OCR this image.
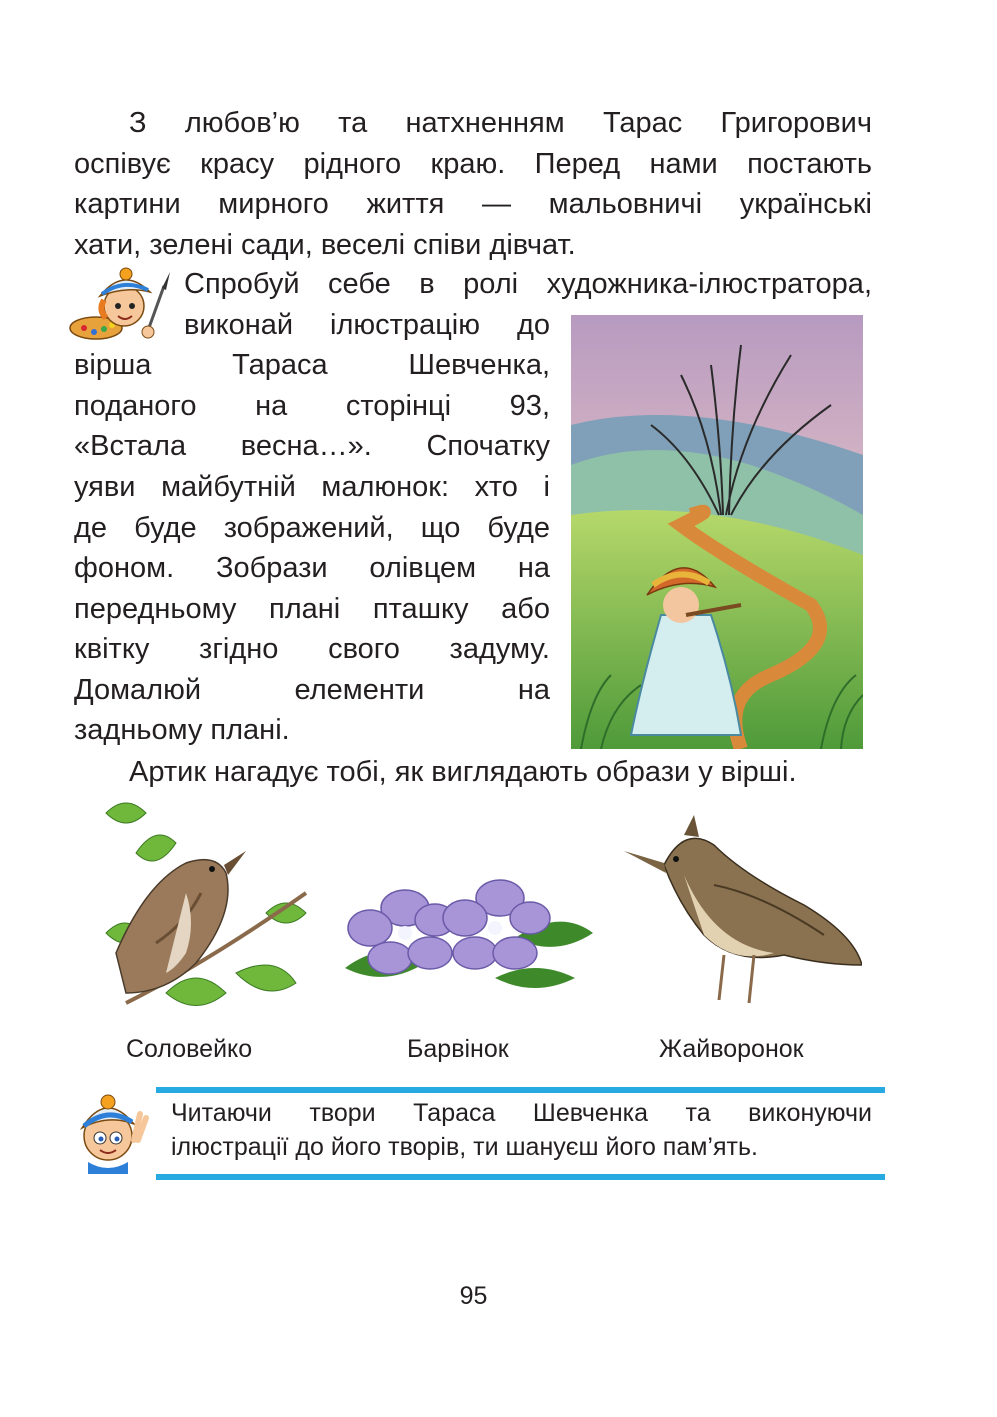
З любов’ю та натхненням Тарас Григорович
оспівує красу рідного краю. Перед нами постають
картини мирного життя — мальовничі українські
хати, зелені сади, веселі співи дівчат.
Спробуй себе в ролі художника-ілюстратора,
виконай ілюстрацію до
вірша Тараса Шевченка,
поданого на сторінці 93,
«Встала весна…». Спочатку
уяви майбутній малюнок: хто і
де буде зображений, що буде
фоном. Зобрази олівцем на
передньому плані пташку або
квітку згідно свого задуму.
Домалюй елементи на
задньому плані.
Артик нагадує тобі, як виглядають образи у вірші.
Соловейко	Барвінок	Жайворонок
Читаючи твори Тараса Шевченка та виконуючи
ілюстрації до його творів, ти шануєш його пам’ять.
95
